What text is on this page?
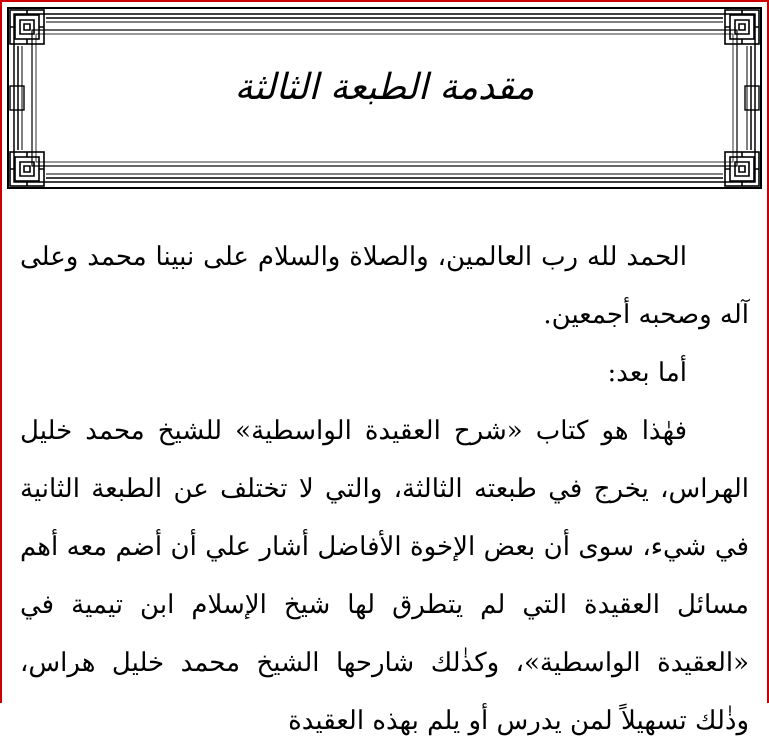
مقدمة الطبعة الثالثة

الحمد لله رب العالمين، والصلاة والسلام على نبينا محمد وعلى آله وصحبه أجمعين.

أما بعد:

فهٰذا هو كتاب «شرح العقيدة الواسطية» للشيخ محمد خليل الهراس، يخرج في طبعته الثالثة، والتي لا تختلف عن الطبعة الثانية في شيء، سوى أن بعض الإخوة الأفاضل أشار علي أن أضم معه أهم مسائل العقيدة التي لم يتطرق لها شيخ الإسلام ابن تيمية في «العقيدة الواسطية»، وكذٰلك شارحها الشيخ محمد خليل هراس، وذٰلك تسهيلاً لمن يدرس أو يلم بهذه العقيدة
